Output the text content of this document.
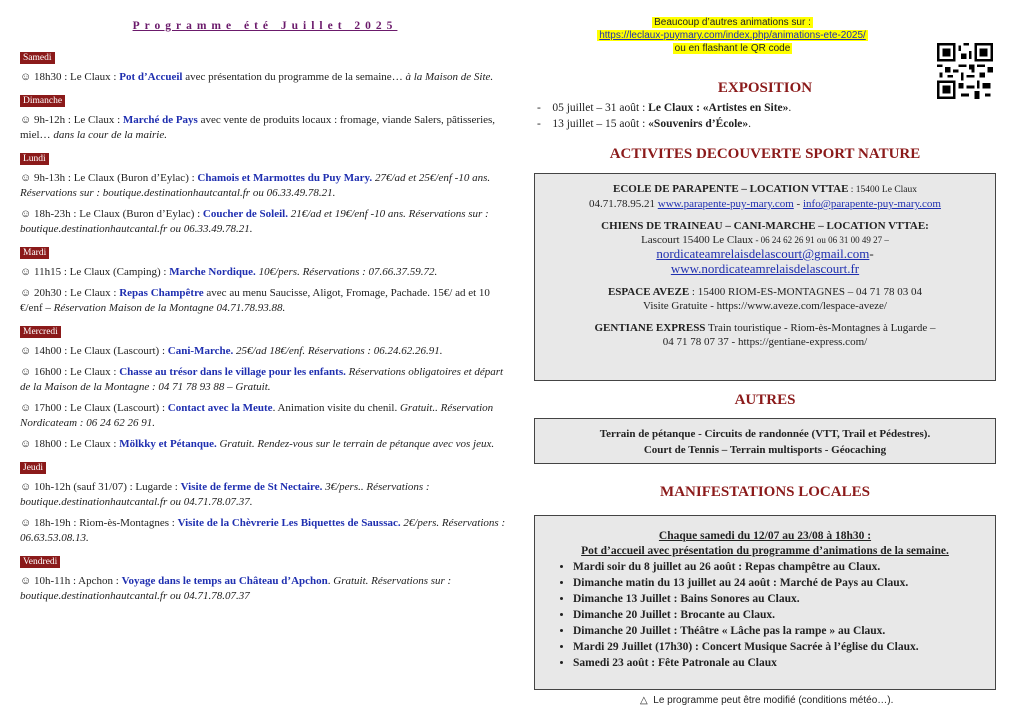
Programme été Juillet 2025
Samedi
☺ 18h30 : Le Claux : Pot d’Accueil avec présentation du programme de la semaine… à la Maison de Site.
Dimanche
☺ 9h-12h : Le Claux : Marché de Pays avec vente de produits locaux : fromage, viande Salers, pâtisseries, miel… dans la cour de la mairie.
Lundi
☺ 9h-13h : Le Claux (Buron d’Eylac) : Chamois et Marmottes du Puy Mary. 27€/ad et 25€/enf -10 ans. Réservations sur : boutique.destinationhautcantal.fr ou 06.33.49.78.21.
☺ 18h-23h : Le Claux (Buron d’Eylac) : Coucher de Soleil. 21€/ad et 19€/enf -10 ans. Réservations sur : boutique.destinationhautcantal.fr ou 06.33.49.78.21.
Mardi
☺ 11h15 : Le Claux (Camping) : Marche Nordique. 10€/pers. Réservations : 07.66.37.59.72.
☺ 20h30 : Le Claux : Repas Champêtre avec au menu Saucisse, Aligot, Fromage, Pachade. 15€/ ad et 10 €/enf – Réservation Maison de la Montagne 04.71.78.93.88.
Mercredi
☺ 14h00 : Le Claux (Lascourt) : Cani-Marche. 25€/ad 18€/enf. Réservations : 06.24.62.26.91.
☺ 16h00 : Le Claux : Chasse au trésor dans le village pour les enfants. Réservations obligatoires et départ de la Maison de la Montagne : 04 71 78 93 88 – Gratuit.
☺ 17h00 : Le Claux (Lascourt) : Contact avec la Meute. Animation visite du chenil. Gratuit.. Réservation Nordicateam : 06 24 62 26 91.
☺ 18h00 : Le Claux : Mölkky et Pétanque. Gratuit. Rendez-vous sur le terrain de pétanque avec vos jeux.
Jeudi
☺ 10h-12h (sauf 31/07) : Lugarde : Visite de ferme de St Nectaire. 3€/pers.. Réservations : boutique.destinationhautcantal.fr ou 04.71.78.07.37.
☺ 18h-19h : Riom-ès-Montagnes : Visite de la Chèvrerie Les Biquettes de Saussac. 2€/pers. Réservations : 06.63.53.08.13.
Vendredi
☺ 10h-11h : Apchon : Voyage dans le temps au Château d’Apchon. Gratuit. Réservations sur : boutique.destinationhautcantal.fr ou 04.71.78.07.37
Beaucoup d’autres animations sur :
https://leclaux-puymary.com/index.php/animations-ete-2025/
ou en flashant le QR code
EXPOSITION
-    05 juillet – 31 août : Le Claux : «Artistes en Site».
-    13 juillet – 15 août : «Souvenirs d’École».
ACTIVITES DECOUVERTE SPORT NATURE
ECOLE DE PARAPENTE – LOCATION VTTAE : 15400 Le Claux
04.71.78.95.21 www.parapente-puy-mary.com - info@parapente-puy-mary.com
CHIENS DE TRAINEAU – CANI-MARCHE – LOCATION VTTAE:
Lascourt 15400 Le Claux - 06 24 62 26 91 ou 06 31 00 49 27 –
nordicateamrelaisdelascourt@gmail.com-
www.nordicateamrelaisdelascourt.fr
ESPACE AVEZE : 15400 RIOM-ES-MONTAGNES – 04 71 78 03 04
Visite Gratuite - https://www.aveze.com/lespace-aveze/
GENTIANE EXPRESS Train touristique - Riom-ès-Montagnes à Lugarde –
04 71 78 07 37 - https://gentiane-express.com/
AUTRES
Terrain de pétanque - Circuits de randonnée (VTT, Trail et Pédestres).
Court de Tennis – Terrain multisports - Géocaching
MANIFESTATIONS LOCALES
Chaque samedi du 12/07 au 23/08 à 18h30 :
Pot d’accueil avec présentation du programme d’animations de la semaine.
• Mardi soir du 8 juillet au 26 août : Repas champêtre au Claux.
• Dimanche matin du 13 juillet au 24 août : Marché de Pays au Claux.
• Dimanche 13 Juillet : Bains Sonores au Claux.
• Dimanche 20 Juillet : Brocante au Claux.
• Dimanche 20 Juillet : Théâtre « Lâche pas la rampe » au Claux.
• Mardi 29 Juillet (17h30) : Concert Musique Sacrée à l’église du Claux.
• Samedi 23 août : Fête Patronale au Claux
△ Le programme peut être modifié (conditions météo…).
